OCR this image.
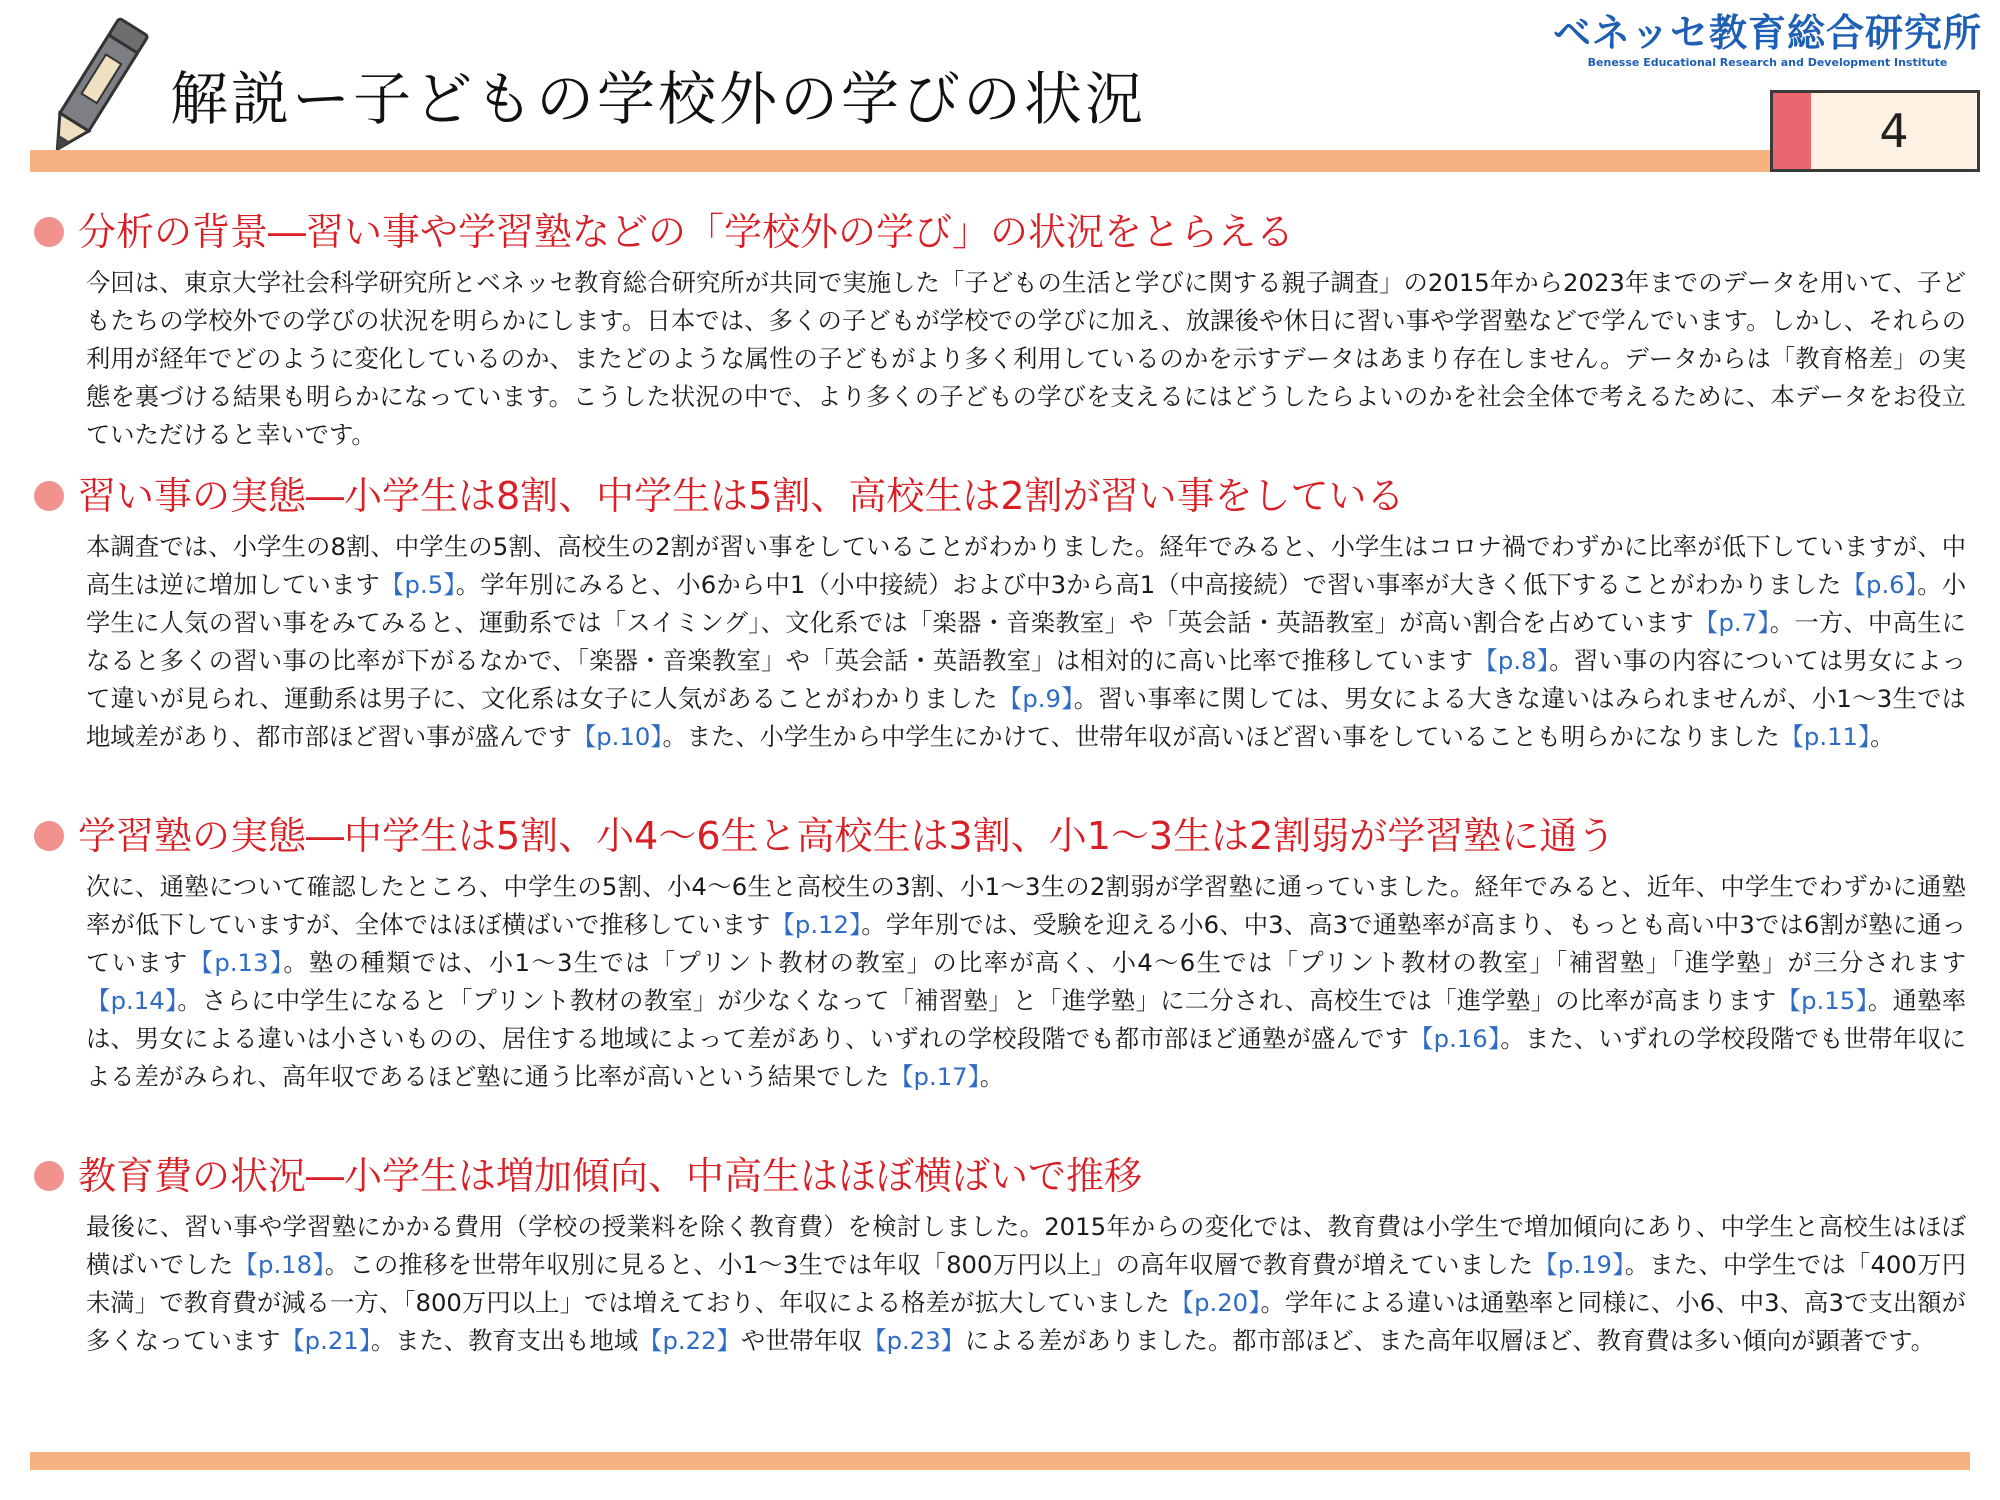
解説ー子どもの学校外の学びの状況
ベネッセ教育総合研究所
Benesse Educational Research and Development Institute
4
分析の背景―習い事や学習塾などの「学校外の学び」の状況をとらえる
今回は、東京大学社会科学研究所とベネッセ教育総合研究所が共同で実施した「子どもの生活と学びに関する親子調査」の2015年から2023年までのデータを用いて、子どもたちの学校外での学びの状況を明らかにします。日本では、多くの子どもが学校での学びに加え、放課後や休日に習い事や学習塾などで学んでいます。しかし、それらの利用が経年でどのように変化しているのか、またどのような属性の子どもがより多く利用しているのかを示すデータはあまり存在しません。データからは「教育格差」の実態を裏づける結果も明らかになっています。こうした状況の中で、より多くの子どもの学びを支えるにはどうしたらよいのかを社会全体で考えるために、本データをお役立ていただけると幸いです。
習い事の実態―小学生は8割、中学生は5割、高校生は2割が習い事をしている
本調査では、小学生の8割、中学生の5割、高校生の2割が習い事をしていることがわかりました。経年でみると、小学生はコロナ禍でわずかに比率が低下していますが、中高生は逆に増加しています【p.5】。学年別にみると、小6から中1（小中接続）および中3から高1（中高接続）で習い事率が大きく低下することがわかりました【p.6】。小学生に人気の習い事をみてみると、運動系では「スイミング」、文化系では「楽器・音楽教室」や「英会話・英語教室」が高い割合を占めています【p.7】。一方、中高生になると多くの習い事の比率が下がるなかで、「楽器・音楽教室」や「英会話・英語教室」は相対的に高い比率で推移しています【p.8】。習い事の内容については男女によって違いが見られ、運動系は男子に、文化系は女子に人気があることがわかりました【p.9】。習い事率に関しては、男女による大きな違いはみられませんが、小1～3生では地域差があり、都市部ほど習い事が盛んです【p.10】。また、小学生から中学生にかけて、世帯年収が高いほど習い事をしていることも明らかになりました【p.11】。
学習塾の実態―中学生は5割、小4～6生と高校生は3割、小1～3生は2割弱が学習塾に通う
次に、通塾について確認したところ、中学生の5割、小4～6生と高校生の3割、小1～3生の2割弱が学習塾に通っていました。経年でみると、近年、中学生でわずかに通塾率が低下していますが、全体ではほぼ横ばいで推移しています【p.12】。学年別では、受験を迎える小6、中3、高3で通塾率が高まり、もっとも高い中3では6割が塾に通っています【p.13】。塾の種類では、小1～3生では「プリント教材の教室」の比率が高く、小4～6生では「プリント教材の教室」「補習塾」「進学塾」が三分されます【p.14】。さらに中学生になると「プリント教材の教室」が少なくなって「補習塾」と「進学塾」に二分され、高校生では「進学塾」の比率が高まります【p.15】。通塾率は、男女による違いは小さいものの、居住する地域によって差があり、いずれの学校段階でも都市部ほど通塾が盛んです【p.16】。また、いずれの学校段階でも世帯年収による差がみられ、高年収であるほど塾に通う比率が高いという結果でした【p.17】。
教育費の状況―小学生は増加傾向、中高生はほぼ横ばいで推移
最後に、習い事や学習塾にかかる費用（学校の授業料を除く教育費）を検討しました。2015年からの変化では、教育費は小学生で増加傾向にあり、中学生と高校生はほぼ横ばいでした【p.18】。この推移を世帯年収別に見ると、小1～3生では年収「800万円以上」の高年収層で教育費が増えていました【p.19】。また、中学生では「400万円未満」で教育費が減る一方、「800万円以上」では増えており、年収による格差が拡大していました【p.20】。学年による違いは通塾率と同様に、小6、中3、高3で支出額が多くなっています【p.21】。また、教育支出も地域【p.22】や世帯年収【p.23】による差がありました。都市部ほど、また高年収層ほど、教育費は多い傾向が顕著です。
